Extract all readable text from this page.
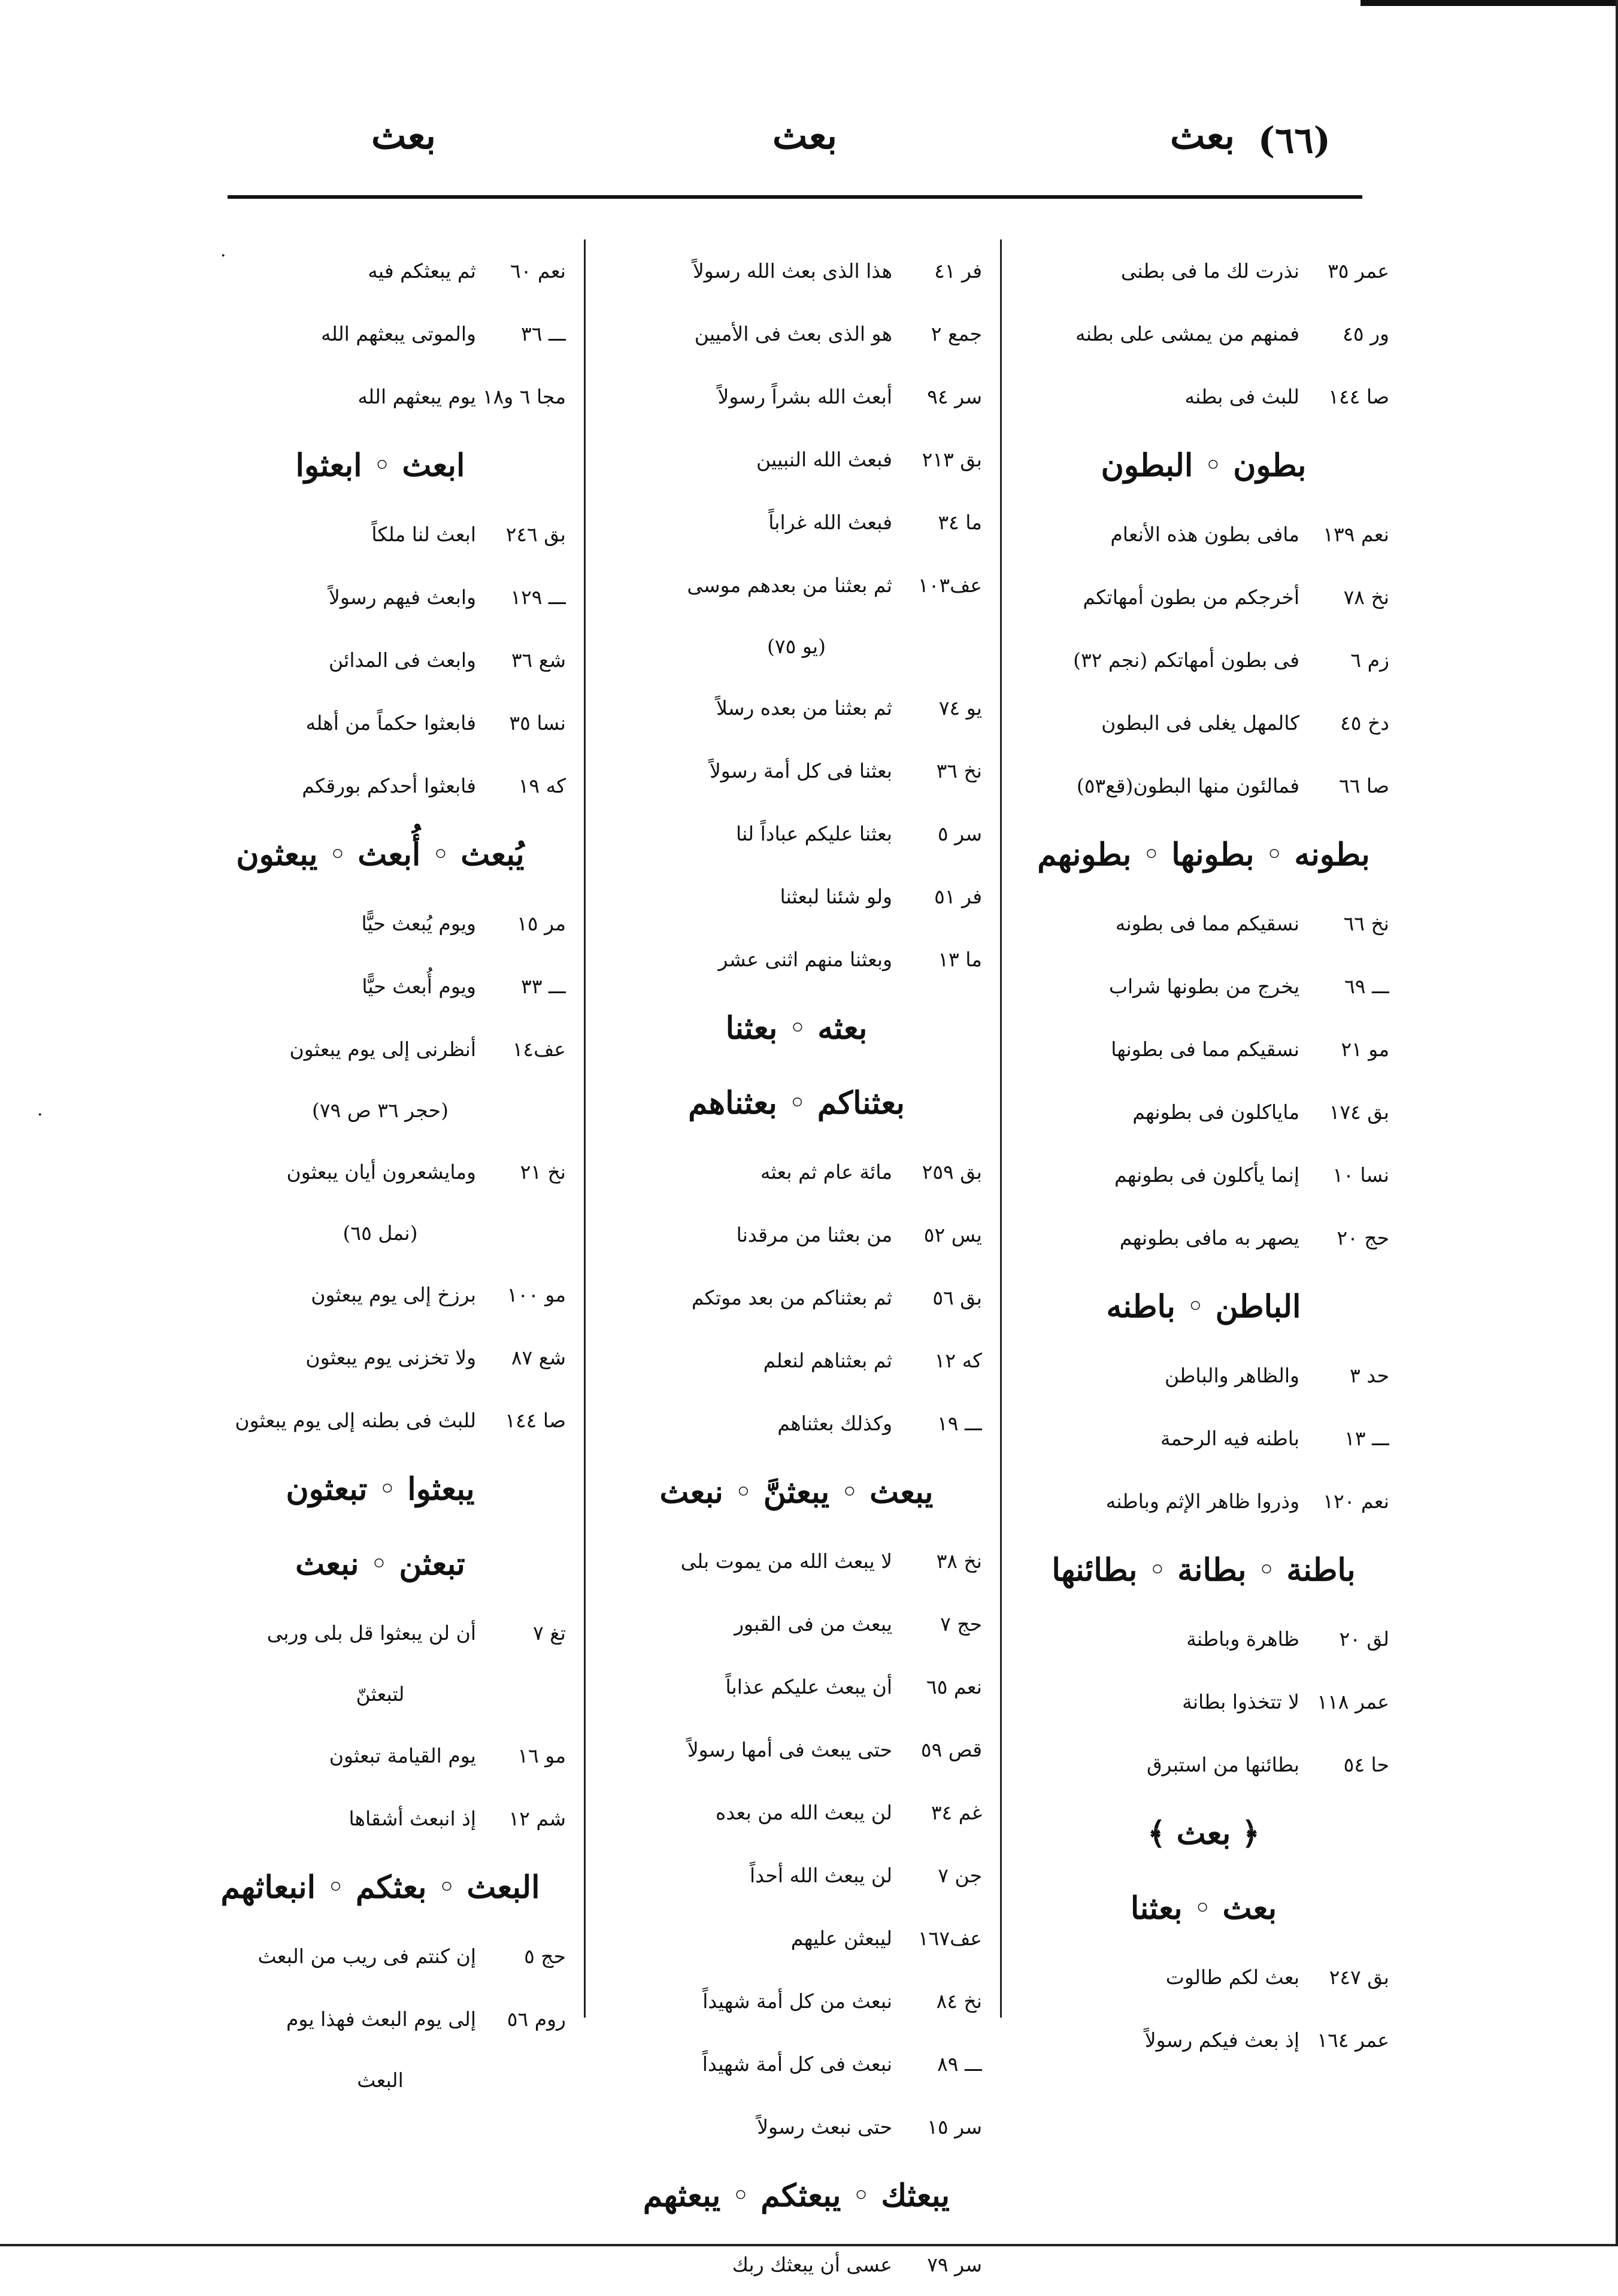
(٦٦)
بعث
بعث
بعث
·
·
عمر ٣٥نذرت لك ما فى بطنى
ور ٤٥فمنهم من يمشى على بطنه
صا ١٤٤للبث فى بطنه
بطون ◦ البطون
نعم ١٣٩مافى بطون هذه الأنعام
نخ ٧٨أخرجكم من بطون أمهاتكم
زم ٦فى بطون أمهاتكم (نجم ٣٢)
دخ ٤٥كالمهل يغلى فى البطون
صا ٦٦فمالئون منها البطون(قع٥٣)
بطونه ◦ بطونها ◦ بطونهم
نخ ٦٦نسقيكم مما فى بطونه
ـــ ٦٩يخرج من بطونها شراب
مو ٢١نسقيكم مما فى بطونها
بق ١٧٤ماياكلون فى بطونهم
نسا ١٠إنما يأكلون فى بطونهم
حج ٢٠يصهر به مافى بطونهم
الباطن ◦ باطنه
حد ٣والظاهر والباطن
ـــ ١٣باطنه فيه الرحمة
نعم ١٢٠وذروا ظاهر الإثم وباطنه
باطنة ◦ بطانة ◦ بطائنها
لق ٢٠ظاهرة وباطنة
عمر ١١٨لا تتخذوا بطانة
حا ٥٤بطائنها من استبرق
﴿ بعث ﴾
بعث ◦ بعثنا
بق ٢٤٧بعث لكم طالوت
عمر ١٦٤إذ بعث فيكم رسولاً
فر ٤١هذا الذى بعث الله رسولاً
جمع ٢هو الذى بعث فى الأميين
سر ٩٤أبعث الله بشراً رسولاً
بق ٢١٣فبعث الله النبيين
ما ٣٤فبعث الله غراباً
عف١٠٣ثم بعثنا من بعدهم موسى
(يو ٧٥)
يو ٧٤ثم بعثنا من بعده رسلاً
نخ ٣٦بعثنا فى كل أمة رسولاً
سر ٥بعثنا عليكم عباداً لنا
فر ٥١ولو شئنا لبعثنا
ما ١٣وبعثنا منهم اثنى عشر
بعثه ◦ بعثنا
بعثناكم ◦ بعثناهم
بق ٢٥٩مائة عام ثم بعثه
يس ٥٢من بعثنا من مرقدنا
بق ٥٦ثم بعثناكم من بعد موتكم
كه ١٢ثم بعثناهم لنعلم
ـــ ١٩وكذلك بعثناهم
يبعث ◦ يبعثنَّ ◦ نبعث
نخ ٣٨لا يبعث الله من يموت بلى
حج ٧يبعث من فى القبور
نعم ٦٥أن يبعث عليكم عذاباً
قص ٥٩حتى يبعث فى أمها رسولاً
غم ٣٤لن يبعث الله من بعده
جن ٧لن يبعث الله أحداً
عف١٦٧ليبعثن عليهم
نخ ٨٤نبعث من كل أمة شهيداً
ـــ ٨٩نبعث فى كل أمة شهيداً
سر ١٥حتى نبعث رسولاً
يبعثك ◦ يبعثكم ◦ يبعثهم
سر ٧٩عسى أن يبعثك ربك
نعم ٦٠ثم يبعثكم فيه
ـــ ٣٦والموتى يبعثهم الله
مجا ٦ و١٨يوم يبعثهم الله
ابعث ◦ ابعثوا
بق ٢٤٦ابعث لنا ملكاً
ـــ ١٢٩وابعث فيهم رسولاً
شع ٣٦وابعث فى المدائن
نسا ٣٥فابعثوا حكماً من أهله
كه ١٩فابعثوا أحدكم بورقكم
يُبعث ◦ أُبعث ◦ يبعثون
مر ١٥ويوم يُبعث حيًّا
ـــ ٣٣ويوم أُبعث حيًّا
عف١٤أنظرنى إلى يوم يبعثون
(حجر ٣٦ ص ٧٩)
نخ ٢١ومايشعرون أيان يبعثون
(نمل ٦٥)
مو ١٠٠برزخ إلى يوم يبعثون
شع ٨٧ولا تخزنى يوم يبعثون
صا ١٤٤للبث فى بطنه إلى يوم يبعثون
يبعثوا ◦ تبعثون
تبعثن ◦ نبعث
تغ ٧أن لن يبعثوا قل بلى وربى
لتبعثنّ
مو ١٦يوم القيامة تبعثون
شم ١٢إذ انبعث أشقاها
البعث ◦ بعثكم ◦ انبعاثهم
حج ٥إن كنتم فى ريب من البعث
روم ٥٦إلى يوم البعث فهذا يوم
البعث
